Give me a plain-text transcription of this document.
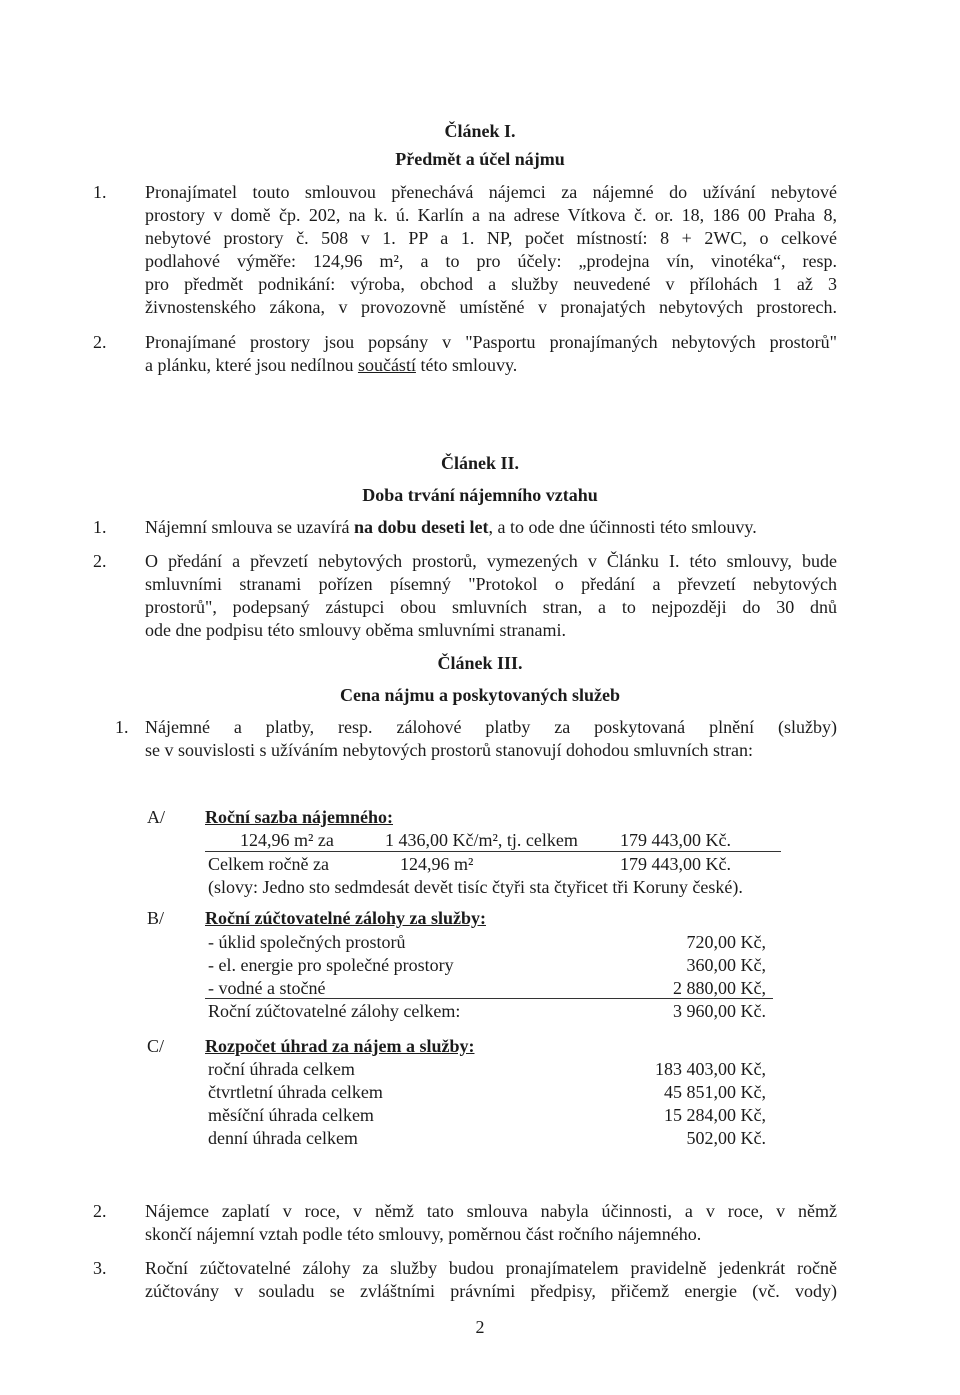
Článek I.
Předmět a účel nájmu
1. Pronajímatel touto smlouvou přenechává nájemci za nájemné do užívání nebytové
prostory v domě čp. 202, na k. ú. Karlín a na adrese Vítkova č. or. 18, 186 00 Praha 8,
nebytové prostory č. 508 v 1. PP a 1. NP, počet místností: 8 + 2WC, o celkové
podlahové výměře: 124,96 m², a to pro účely: „prodejna vín, vinotéka“, resp.
pro předmět podnikání: výroba, obchod a služby neuvedené v přílohách 1 až 3
živnostenského zákona, v provozovně umístěné v pronajatých nebytových prostorech.
2. Pronajímané prostory jsou popsány v "Pasportu pronajímaných nebytových prostorů"
a plánku, které jsou nedílnou součástí této smlouvy.
Článek II.
Doba trvání nájemního vztahu
1. Nájemní smlouva se uzavírá na dobu deseti let, a to ode dne účinnosti této smlouvy.
2. O předání a převzetí nebytových prostorů, vymezených v Článku I. této smlouvy, bude
smluvními stranami pořízen písemný "Protokol o předání a převzetí nebytových
prostorů", podepsaný zástupci obou smluvních stran, a to nejpozději do 30 dnů
ode dne podpisu této smlouvy oběma smluvními stranami.
Článek III.
Cena nájmu a poskytovaných služeb
1. Nájemné a platby, resp. zálohové platby za poskytovaná plnění (služby)
se v souvislosti s užíváním nebytových prostorů stanovují dohodou smluvních stran:
A/ Roční sazba nájemného:
124,96 m² za	1 436,00 Kč/m², tj. celkem 179 443,00 Kč.
Celkem ročně za	124,96 m²	179 443,00 Kč.
(slovy: Jedno sto sedmdesát devět tisíc čtyři sta čtyřicet tři Koruny české).
B/ Roční zúčtovatelné zálohy za služby:
- úklid společných prostorů	720,00 Kč,
- el. energie pro společné prostory	360,00 Kč,
- vodné a stočné	2 880,00 Kč,
Roční zúčtovatelné zálohy celkem:	3 960,00 Kč.
C/ Rozpočet úhrad za nájem a služby:
roční úhrada celkem	183 403,00 Kč,
čtvrtletní úhrada celkem	45 851,00 Kč,
měsíční úhrada celkem	15 284,00 Kč,
denní úhrada celkem	502,00 Kč.
2. Nájemce zaplatí v roce, v němž tato smlouva nabyla účinnosti, a v roce, v němž
skončí nájemní vztah podle této smlouvy, poměrnou část ročního nájemného.
3. Roční zúčtovatelné zálohy za služby budou pronajímatelem pravidelně jedenkrát ročně
zúčtovány v souladu se zvláštními právními předpisy, přičemž energie (vč. vody)
2
